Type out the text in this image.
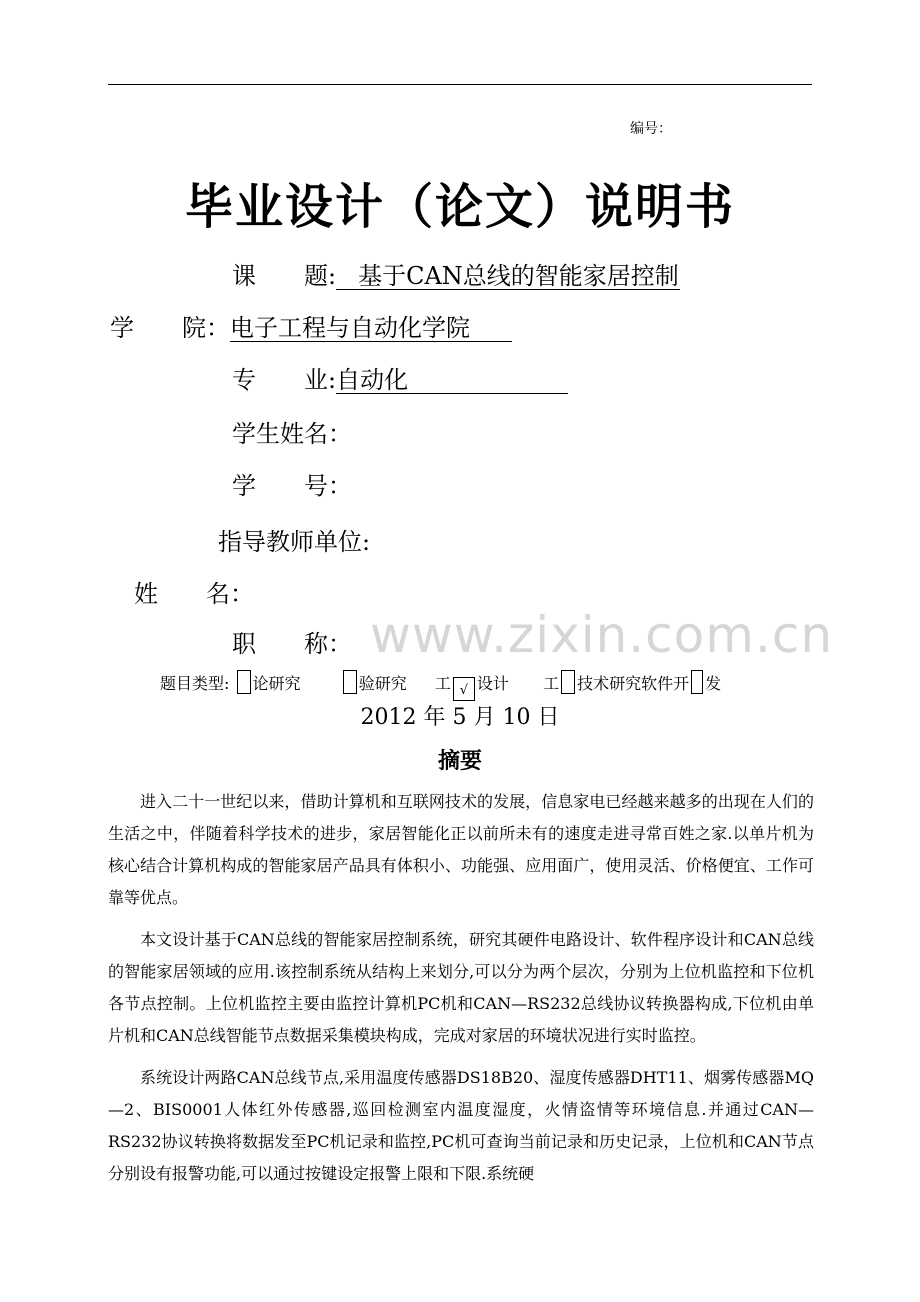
编号：
毕业设计（论文）说明书
课　　题: 基于CAN总线的智能家居控制
学　　院：电子工程与自动化学院
专　　业:自动化
学生姓名：
学　　号：
指导教师单位:
姓　　名：
www.zixin.com.cn
职　　称：
题目类型: 论研究	验研究 工 √ 设计 工 技术研究软件开 发
2012 年 5 月 10 日
摘要

进入二十一世纪以来，借助计算机和互联网技术的发展，信息家电已经越来越多的出现在人们的生活之中，伴随着科学技术的进步，家居智能化正以前所未有的速度走进寻常百姓之家.以单片机为核心结合计算机构成的智能家居产品具有体积小、功能强、应用面广，使用灵活、价格便宜、工作可靠等优点。

本文设计基于CAN总线的智能家居控制系统，研究其硬件电路设计、软件程序设计和CAN总线的智能家居领域的应用.该控制系统从结构上来划分,可以分为两个层次，分别为上位机监控和下位机各节点控制。上位机监控主要由监控计算机PC机和CAN—RS232总线协议转换器构成,下位机由单片机和CAN总线智能节点数据采集模块构成，完成对家居的环境状况进行实时监控。

系统设计两路CAN总线节点,采用温度传感器DS18B20、湿度传感器DHT11、烟雾传感器MQ—2、BIS0001人体红外传感器,巡回检测室内温度湿度，火情盗情等环境信息.并通过CAN—RS232协议转换将数据发至PC机记录和监控,PC机可查询当前记录和历史记录，上位机和CAN节点分别设有报警功能,可以通过按键设定报警上限和下限.系统硬
